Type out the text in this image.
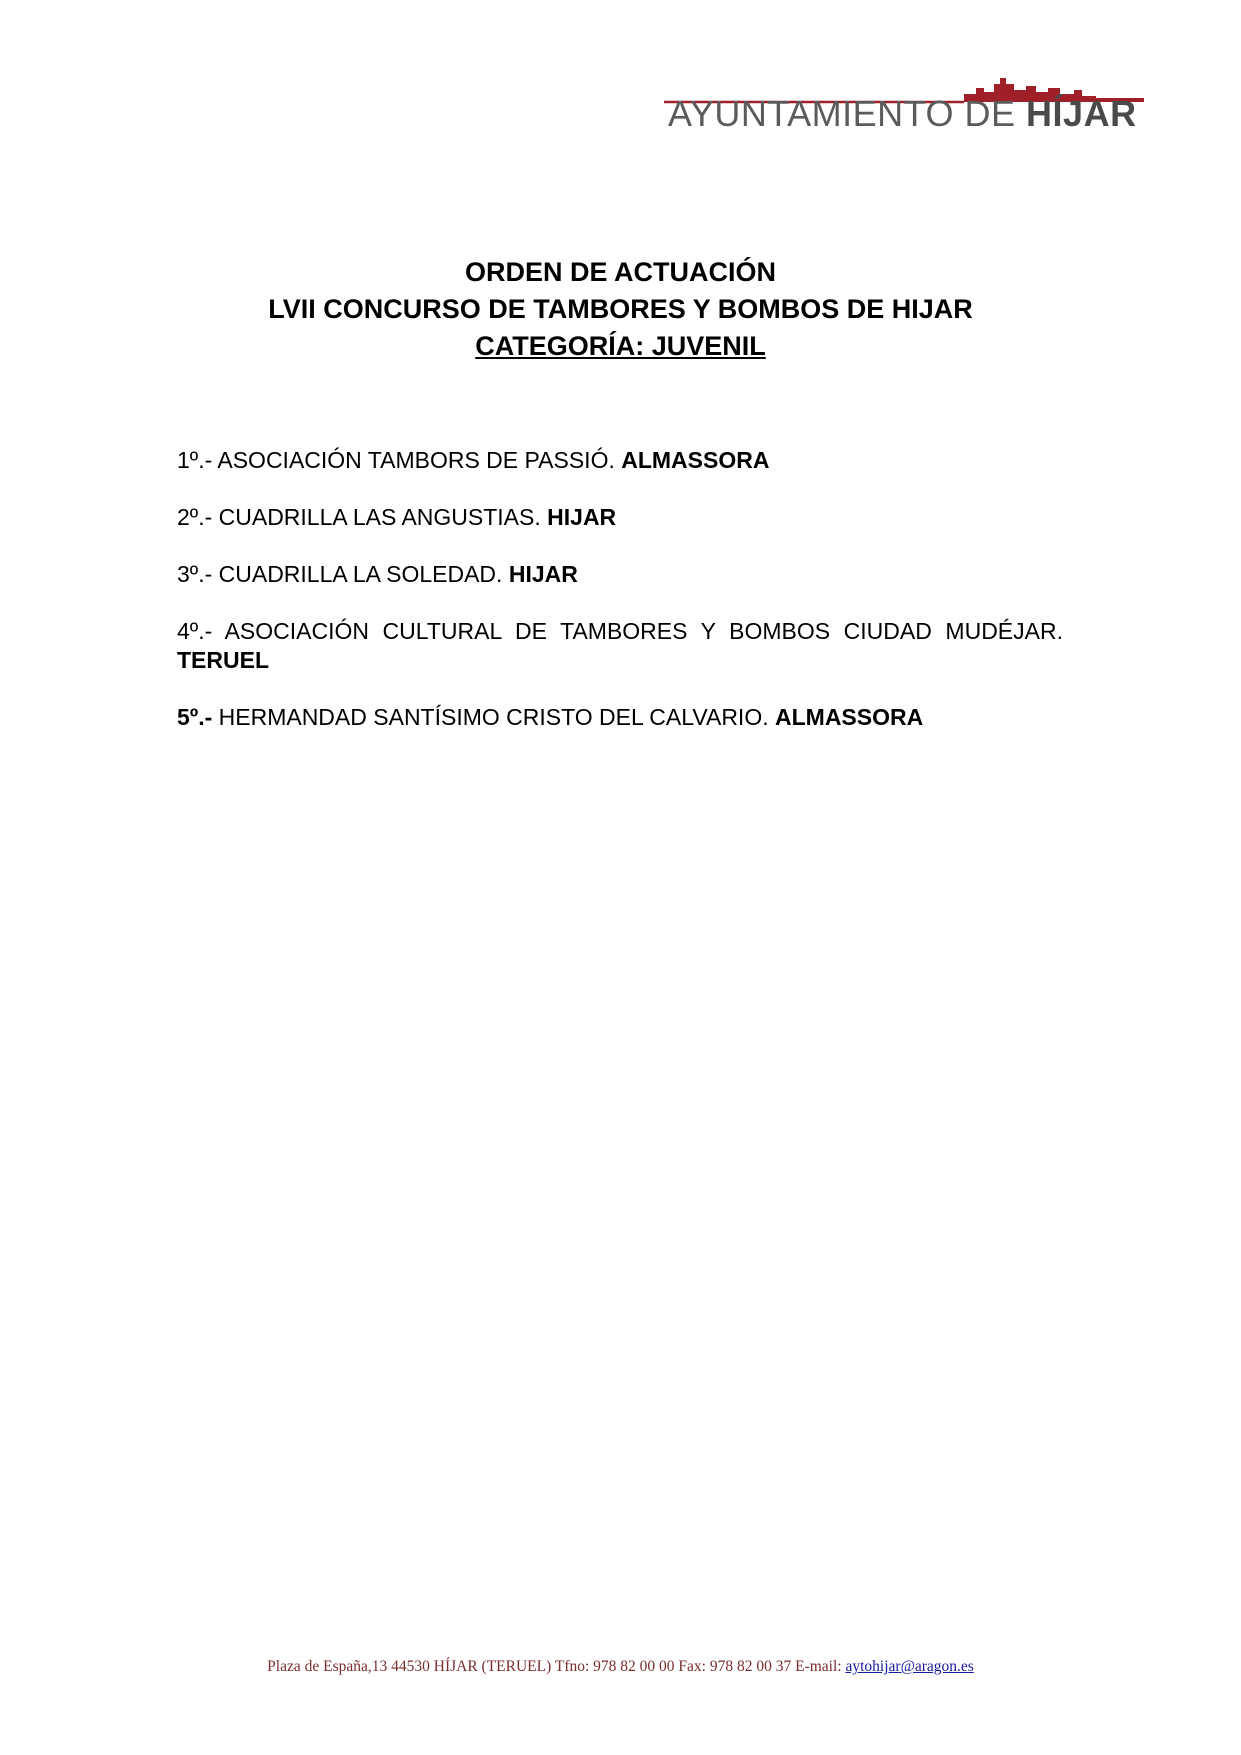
AYUNTAMIENTO DE HÍJAR
ORDEN DE ACTUACIÓN
LVII CONCURSO DE TAMBORES Y BOMBOS DE HIJAR
CATEGORÍA: JUVENIL

1º.- ASOCIACIÓN TAMBORS DE PASSIÓ. ALMASSORA

2º.- CUADRILLA LAS ANGUSTIAS. HIJAR

3º.- CUADRILLA LA SOLEDAD. HIJAR

4º.- ASOCIACIÓN CULTURAL DE TAMBORES Y BOMBOS CIUDAD MUDÉJAR. TERUEL

5º.- HERMANDAD SANTÍSIMO CRISTO DEL CALVARIO. ALMASSORA

Plaza de España,13 44530 HÍJAR (TERUEL) Tfno: 978 82 00 00 Fax: 978 82 00 37 E-mail: aytohijar@aragon.es
